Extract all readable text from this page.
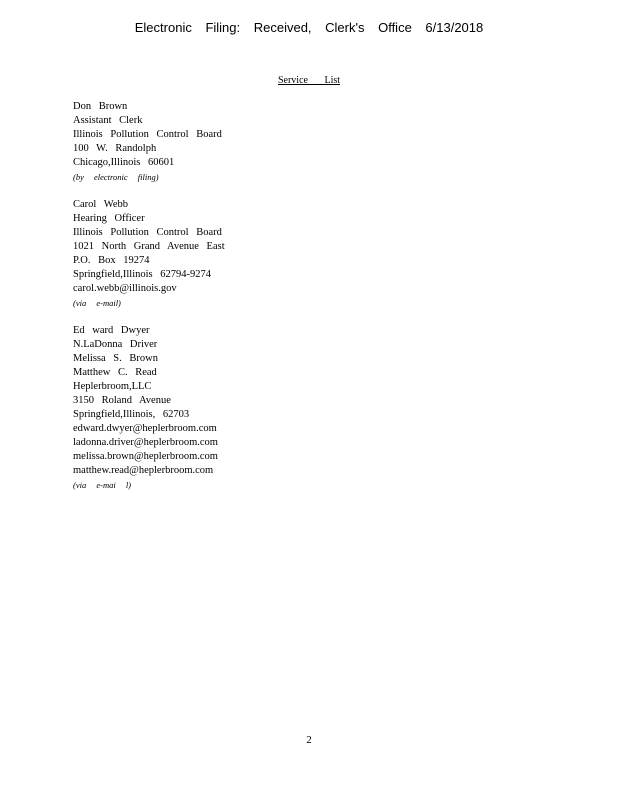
Electronic Filing: Received, Clerk's Office 6/13/2018
Service List
Don Brown
Assistant Clerk
Illinois Pollution Control Board
100 W. Randolph
Chicago,Illinois 60601
(by electronic filing)
Carol Webb
Hearing Officer
Illinois Pollution Control Board
1021 North Grand Avenue East
P.O. Box 19274
Springfield,Illinois 62794-9274
carol.webb@illinois.gov
(via e-mail)
Ed ward Dwyer
N.LaDonna Driver
Melissa S. Brown
Matthew C. Read
Heplerbroom,LLC
3150 Roland Avenue
Springfield,Illinois, 62703
edward.dwyer@heplerbroom.com
ladonna.driver@heplerbroom.com
melissa.brown@heplerbroom.com
matthew.read@heplerbroom.com
(via e-mai l)
2
